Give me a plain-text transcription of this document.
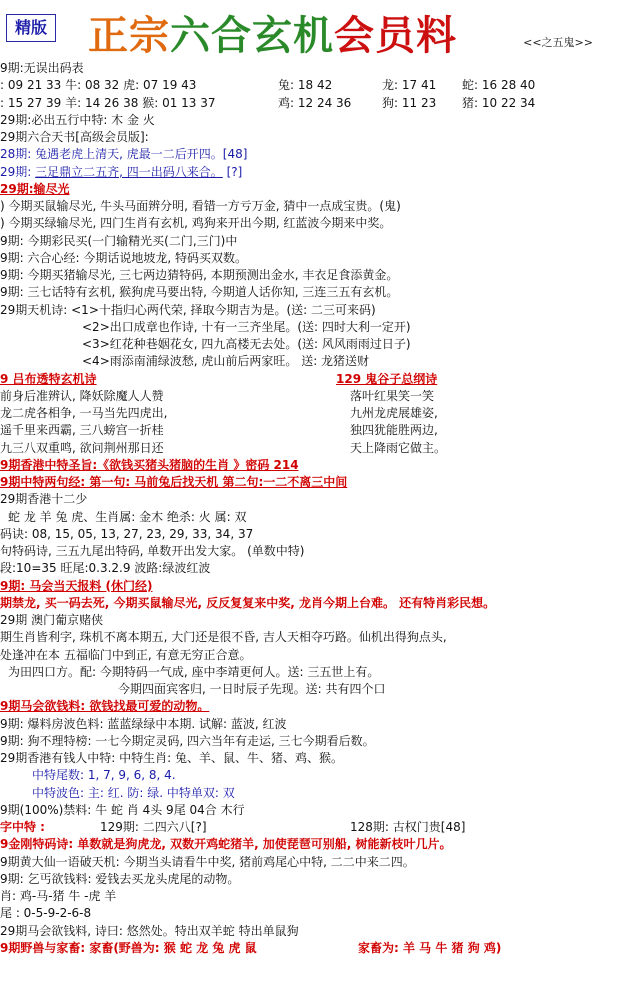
精版 正宗六合玄机会员料	<<之五鬼>>
9期:无误出码表
: 09 21 33 牛: 08 32 虎: 07 19 43	兔: 18 42	龙: 17 41 蛇: 16 28 40
: 15 27 39 羊: 14 26 38 猴: 01 13 37	鸡: 12 24 36	狗: 11 23 猪: 10 22 34
29期:必出五行中特: 木 金 火
29期六合天书[高级会员版]:
28期: 兔遇老虎上清天, 虎最一二后开四。[48]
29期: 三足鼎立二五齐, 四一出码八来合。 [?]
29期:输尽光
) 今期买鼠输尽光, 牛头马面辨分明, 看错一方亏万金, 猜中一点成宝贵。(鬼)
) 今期买绿输尽光, 四门生肖有玄机, 鸡狗来开出今期, 红蓝波今期来中奖。
9期: 今期彩民买(一门输精光买(二门,三门)中
9期: 六合心经: 今期话说地坡龙, 特码买双数。
9期: 今期买猪输尽光, 三七两边猜特码, 本期预测出金水, 丰衣足食添黄金。
9期: 三七话特有玄机, 猴狗虎马要出特, 今期道人话你知, 三连三五有玄机。
29期天机诗: <1>十指归心两代荣, 择取今期吉为是。(送: 二三可来码)
<2>出口成章也作诗, 十有一三齐坐尾。(送: 四时大利一定开)
<3>红花种巷姻花女, 四九高楼无去处。(送: 风风雨雨过日子)
<4>雨添南浦绿波愁, 虎山前后两家旺。 送: 龙猪送财
9 吕布透特玄机诗	129 鬼谷子总纲诗
前身后准辨认, 降妖除魔人人赞	落叶红果笑一笑
龙二虎各相争, 一马当先四虎出,	九州龙虎展雄姿,
遥千里来西霸, 三八螃宫一折桂	独四犹能胜两边,
九三八双重鸣, 欲问荆州那日还	天上降雨它做主。
9期香港中特圣旨:《欲钱买猪头猪脑的生肖 》密码 214
9期中特两句经: 第一句: 马前兔后找天机 第二句:一二不离三中间
29期香港十二少
蛇 龙 羊 兔 虎、生肖属: 金木 绝杀: 火 属: 双
码诀: 08, 15, 05, 13, 27, 23, 29, 33, 34, 37
句特码诗, 三五九尾出特码, 单数开出发大家。 (单数中特)
段:10=35 旺尾:0.3.2.9 波路:绿波红波
9期: 马会当天报料 (休门经)
期禁龙, 买一码去死, 今期买鼠输尽光, 反反复复来中奖, 龙肖今期上台难。 还有特肖彩民想。
29期 澳门葡京赌侠
期生肖皆利字, 珠机不离本期五, 大门还是很不昏, 吉人天相夺巧路。仙机出得狗点头,
处逢冲在本 五福临门中到正, 有意无穷正合意。
为田四口方。配: 今期特码一气成, 座中李靖更何人。送: 三五世上有。
今期四面宾客归, 一日时辰子先现。送: 共有四个口
9期马会欲钱料: 欲钱找最可爱的动物。
9期: 爆料房波色料: 蓝蓝绿绿中本期. 试解: 蓝波, 红波
9期: 狗不理特榜: 一七今期定灵码, 四六当年有走运, 三七今期看后数。
29期香港有钱人中特: 中特生肖: 兔、羊、鼠、牛、猪、鸡、猴。
中特尾数: 1, 7, 9, 6, 8, 4.
中特波色: 主: 红. 防: 绿. 中特单双: 双
9期(100%)禁料: 牛 蛇 肖 4头 9尾 04合 木行
字中特 :	129期: 二四六八[?]	128期: 古权门贵[48]
9金刚特码诗: 单数就是狗虎龙, 双数开鸡蛇猪羊, 加使琵琶可别船, 树能新枝叶几片。
9期黄大仙一语破天机: 今期当头请看牛中奖, 猪前鸡尾心中特, 二二中来二四。
9期: 乞丐欲钱料: 爱钱去买龙头虎尾的动物。
肖: 鸡-马-猪 牛 -虎 羊
尾 : 0-5-9-2-6-8
29期马会欲钱料, 诗曰: 悠然处。特出双羊蛇 特出单鼠狗
9期野兽与家畜: 家畜(野兽为: 猴 蛇 龙 兔 虎 鼠	家畜为: 羊 马 牛 猪 狗 鸡)
